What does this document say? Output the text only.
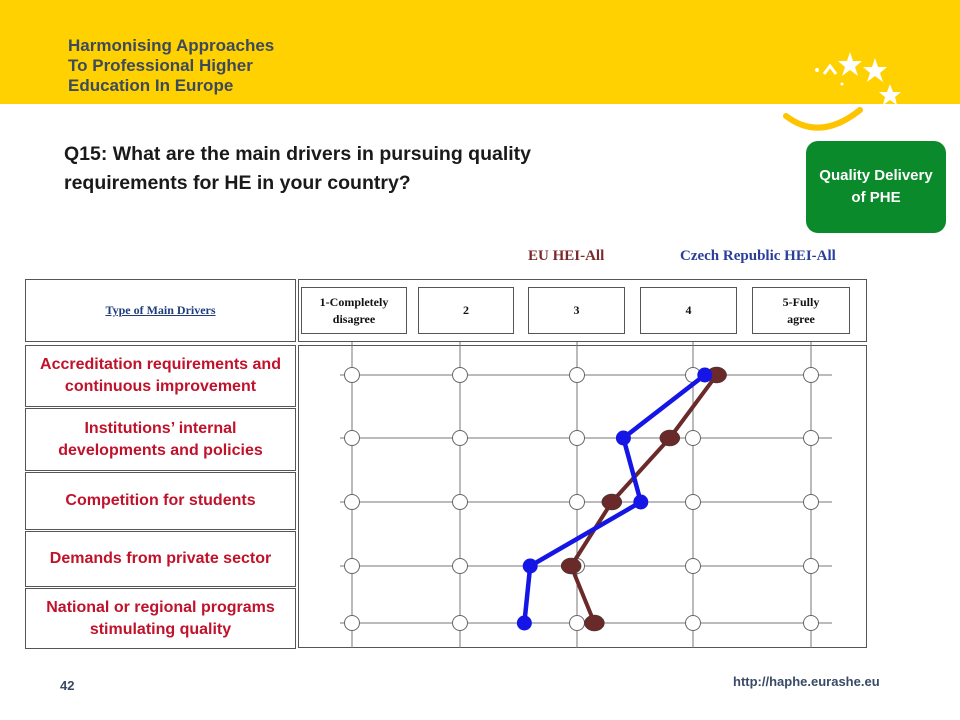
Harmonising Approaches
To Professional Higher
Education In Europe
Q15: What are the main drivers in pursuing quality
requirements for HE in your country?	Quality Delivery
of PHE
EU HEI-All	Czech Republic HEI-All
Type of Main Drivers
1-Completely
disagree
2	3	4
5-Fully
agree
Accreditation requirements and
continuous improvement
Institutions’ internal
developments and policies
Competition for students
Demands from private sector
National or regional programs
stimulating quality
42	http://haphe.eurashe.eu
